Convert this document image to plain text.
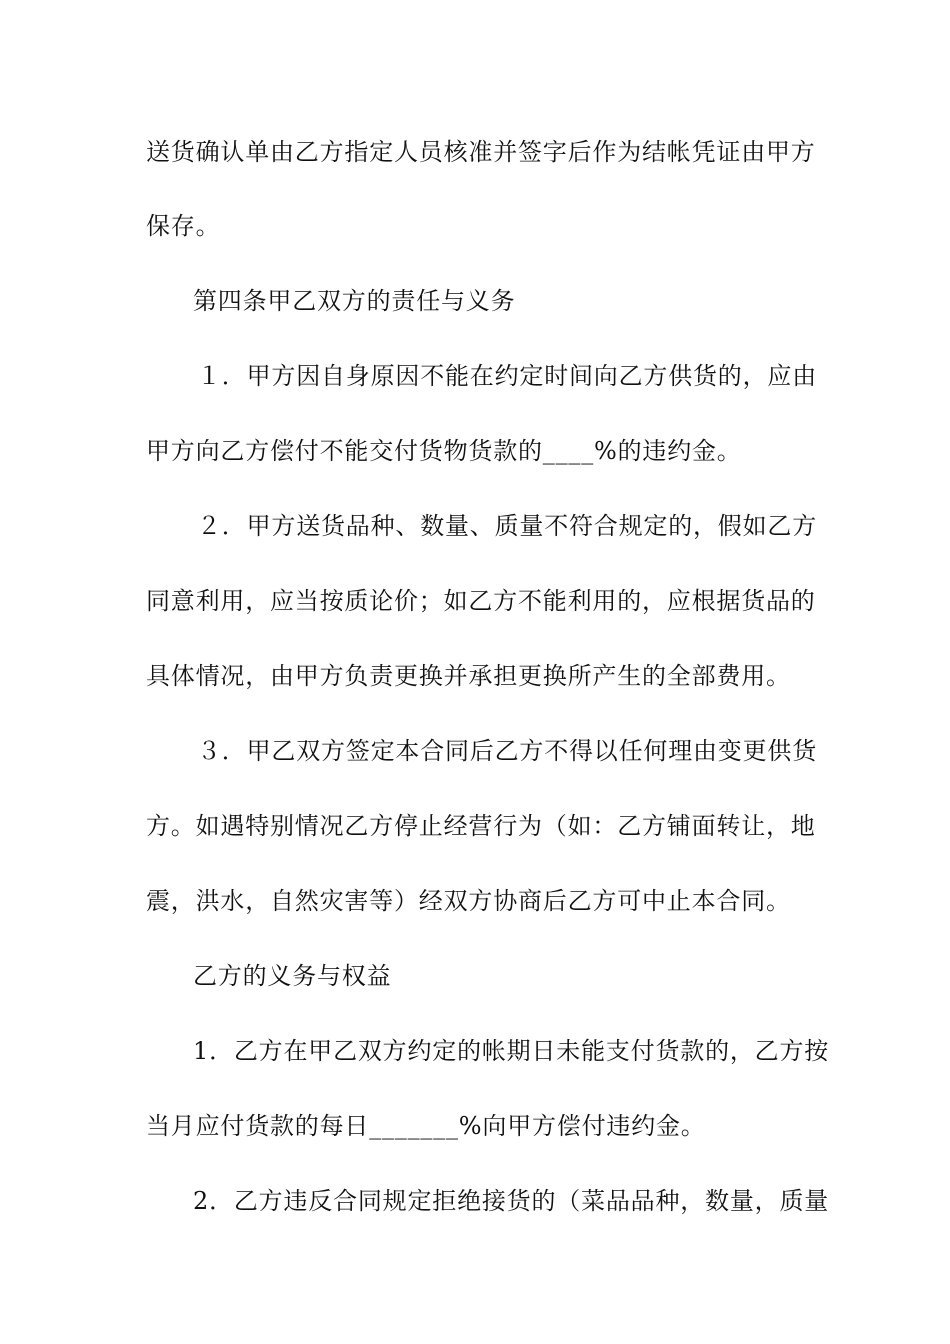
送货确认单由乙方指定人员核准并签字后作为结帐凭证由甲方
保存。
第四条甲乙双方的责任与义务
１．甲方因自身原因不能在约定时间向乙方供货的，应由
甲方向乙方偿付不能交付货物货款的____%的违约金。
２．甲方送货品种、数量、质量不符合规定的，假如乙方
同意利用，应当按质论价；如乙方不能利用的，应根据货品的
具体情况，由甲方负责更换并承担更换所产生的全部费用。
３．甲乙双方签定本合同后乙方不得以任何理由变更供货
方。如遇特别情况乙方停止经营行为（如：乙方铺面转让，地
震，洪水，自然灾害等）经双方协商后乙方可中止本合同。
乙方的义务与权益
1．乙方在甲乙双方约定的帐期日未能支付货款的，乙方按
当月应付货款的每日_______%向甲方偿付违约金。
2．乙方违反合同规定拒绝接货的（菜品品种，数量，质量
